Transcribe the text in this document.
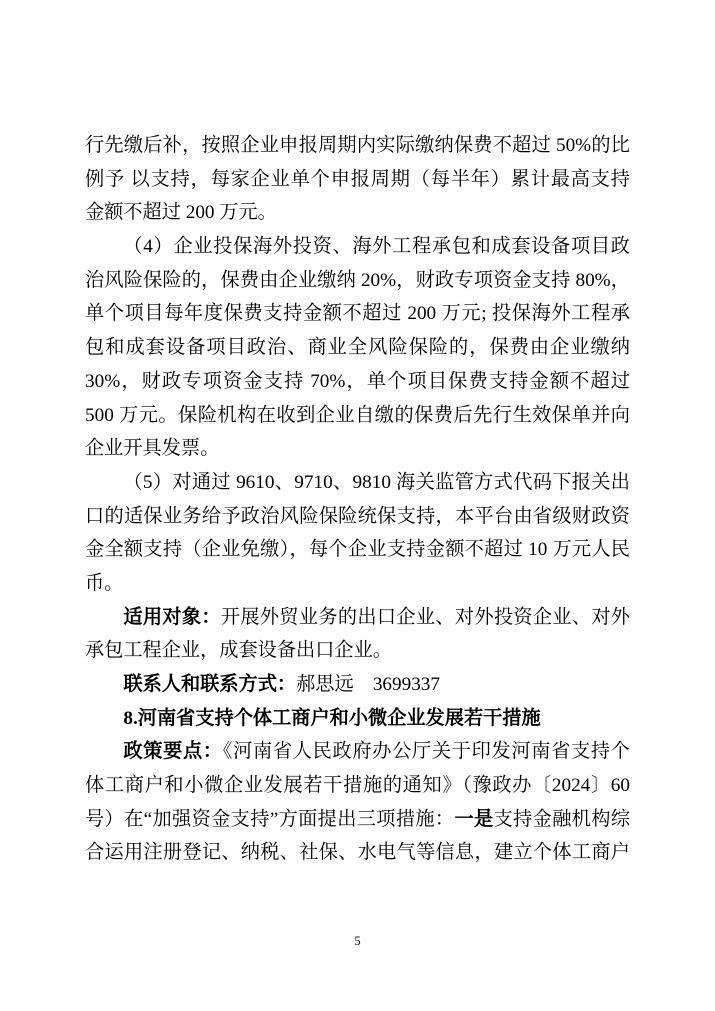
行先缴后补，按照企业申报周期内实际缴纳保费不超过 50%的比
例予 以支持，每家企业单个申报周期（每半年）累计最高支持
金额不超过 200 万元。
（4）企业投保海外投资、海外工程承包和成套设备项目政
治风险保险的，保费由企业缴纳 20%，财政专项资金支持 80%，
单个项目每年度保费支持金额不超过 200 万元; 投保海外工程承
包和成套设备项目政治、商业全风险保险的，保费由企业缴纳
30%，财政专项资金支持 70%，单个项目保费支持金额不超过
500 万元。保险机构在收到企业自缴的保费后先行生效保单并向
企业开具发票。
（5）对通过 9610、9710、9810 海关监管方式代码下报关出
口的适保业务给予政治风险保险统保支持，本平台由省级财政资
金全额支持（企业免缴），每个企业支持金额不超过 10 万元人民
币。
适用对象：开展外贸业务的出口企业、对外投资企业、对外
承包工程企业，成套设备出口企业。
联系人和联系方式：郝思远　3699337
8.河南省支持个体工商户和小微企业发展若干措施
政策要点：《河南省人民政府办公厅关于印发河南省支持个
体工商户和小微企业发展若干措施的通知》（豫政办〔2024〕60
号）在“加强资金支持”方面提出三项措施：一是支持金融机构综
合运用注册登记、纳税、社保、水电气等信息，建立个体工商户
5
